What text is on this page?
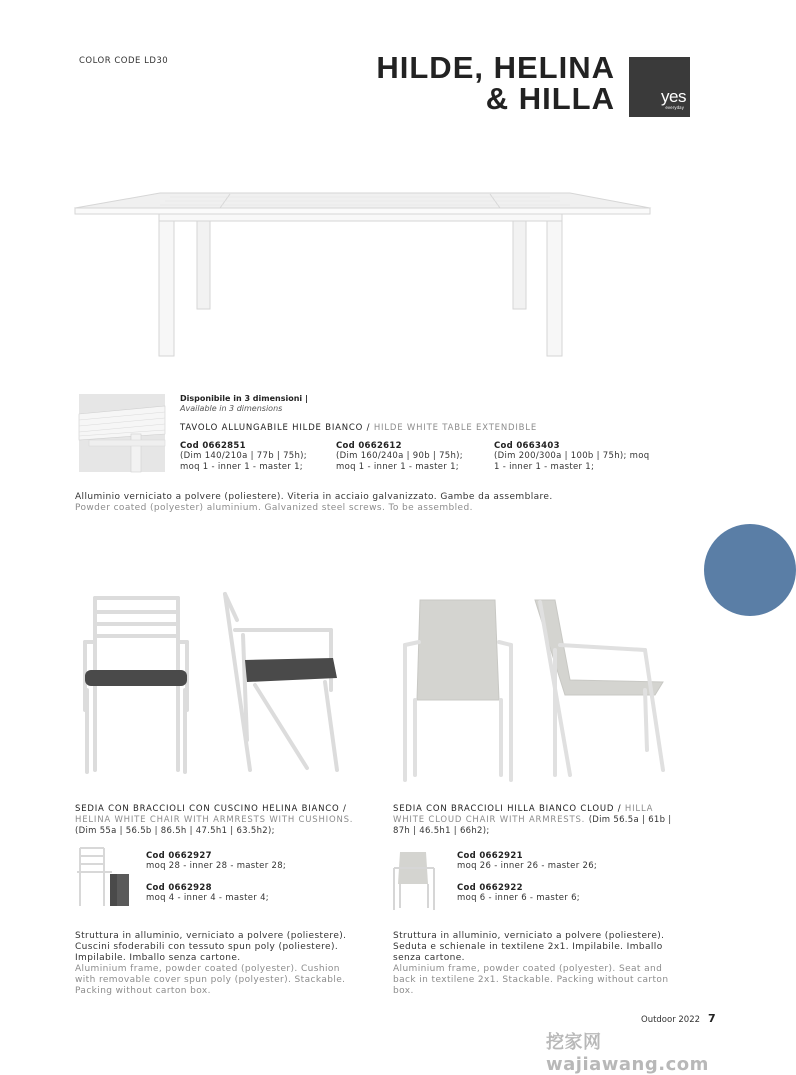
COLOR CODE LD30	HILDE, HELINA
& HILLA	yes
everyday
Disponibile in 3 dimensioni |
Available in 3 dimensions
TAVOLO ALLUNGABILE HILDE BIANCO / HILDE WHITE TABLE EXTENDIBLE
Cod 0662851
(Dim 140/210a | 77b | 75h);
moq 1 - inner 1 - master 1;
Cod 0662612
(Dim 160/240a | 90b | 75h);
moq 1 - inner 1 - master 1;
Cod 0663403
(Dim 200/300a | 100b | 75h); moq
1 - inner 1 - master 1;
Alluminio verniciato a polvere (poliestere). Viteria in acciaio galvanizzato. Gambe da assemblare.
Powder coated (polyester) aluminium. Galvanized steel screws. To be assembled.
SEDIA CON BRACCIOLI CON CUSCINO HELINA BIANCO /
HELINA WHITE CHAIR WITH ARMRESTS WITH CUSHIONS.
(Dim 55a | 56.5b | 86.5h | 47.5h1 | 63.5h2);
Cod 0662927
moq 28 - inner 28 - master 28;
Cod 0662928
moq 4 - inner 4 - master 4;
Struttura in alluminio, verniciato a polvere (poliestere).
Cuscini sfoderabili con tessuto spun poly (poliestere).
Impilabile. Imballo senza cartone.
Aluminium frame, powder coated (polyester). Cushion
with removable cover spun poly (polyester). Stackable.
Packing without carton box.
SEDIA CON BRACCIOLI HILLA BIANCO CLOUD / HILLA
WHITE CLOUD CHAIR WITH ARMRESTS. (Dim 56.5a | 61b |
87h | 46.5h1 | 66h2);
Cod 0662921
moq 26 - inner 26 - master 26;
Cod 0662922
moq 6 - inner 6 - master 6;
Struttura in alluminio, verniciato a polvere (poliestere).
Seduta e schienale in textilene 2x1. Impilabile. Imballo
senza cartone.
Aluminium frame, powder coated (polyester). Seat and
back in textilene 2x1. Stackable. Packing without carton
box.
Outdoor 2022 7
挖家网 wajiawang.com
